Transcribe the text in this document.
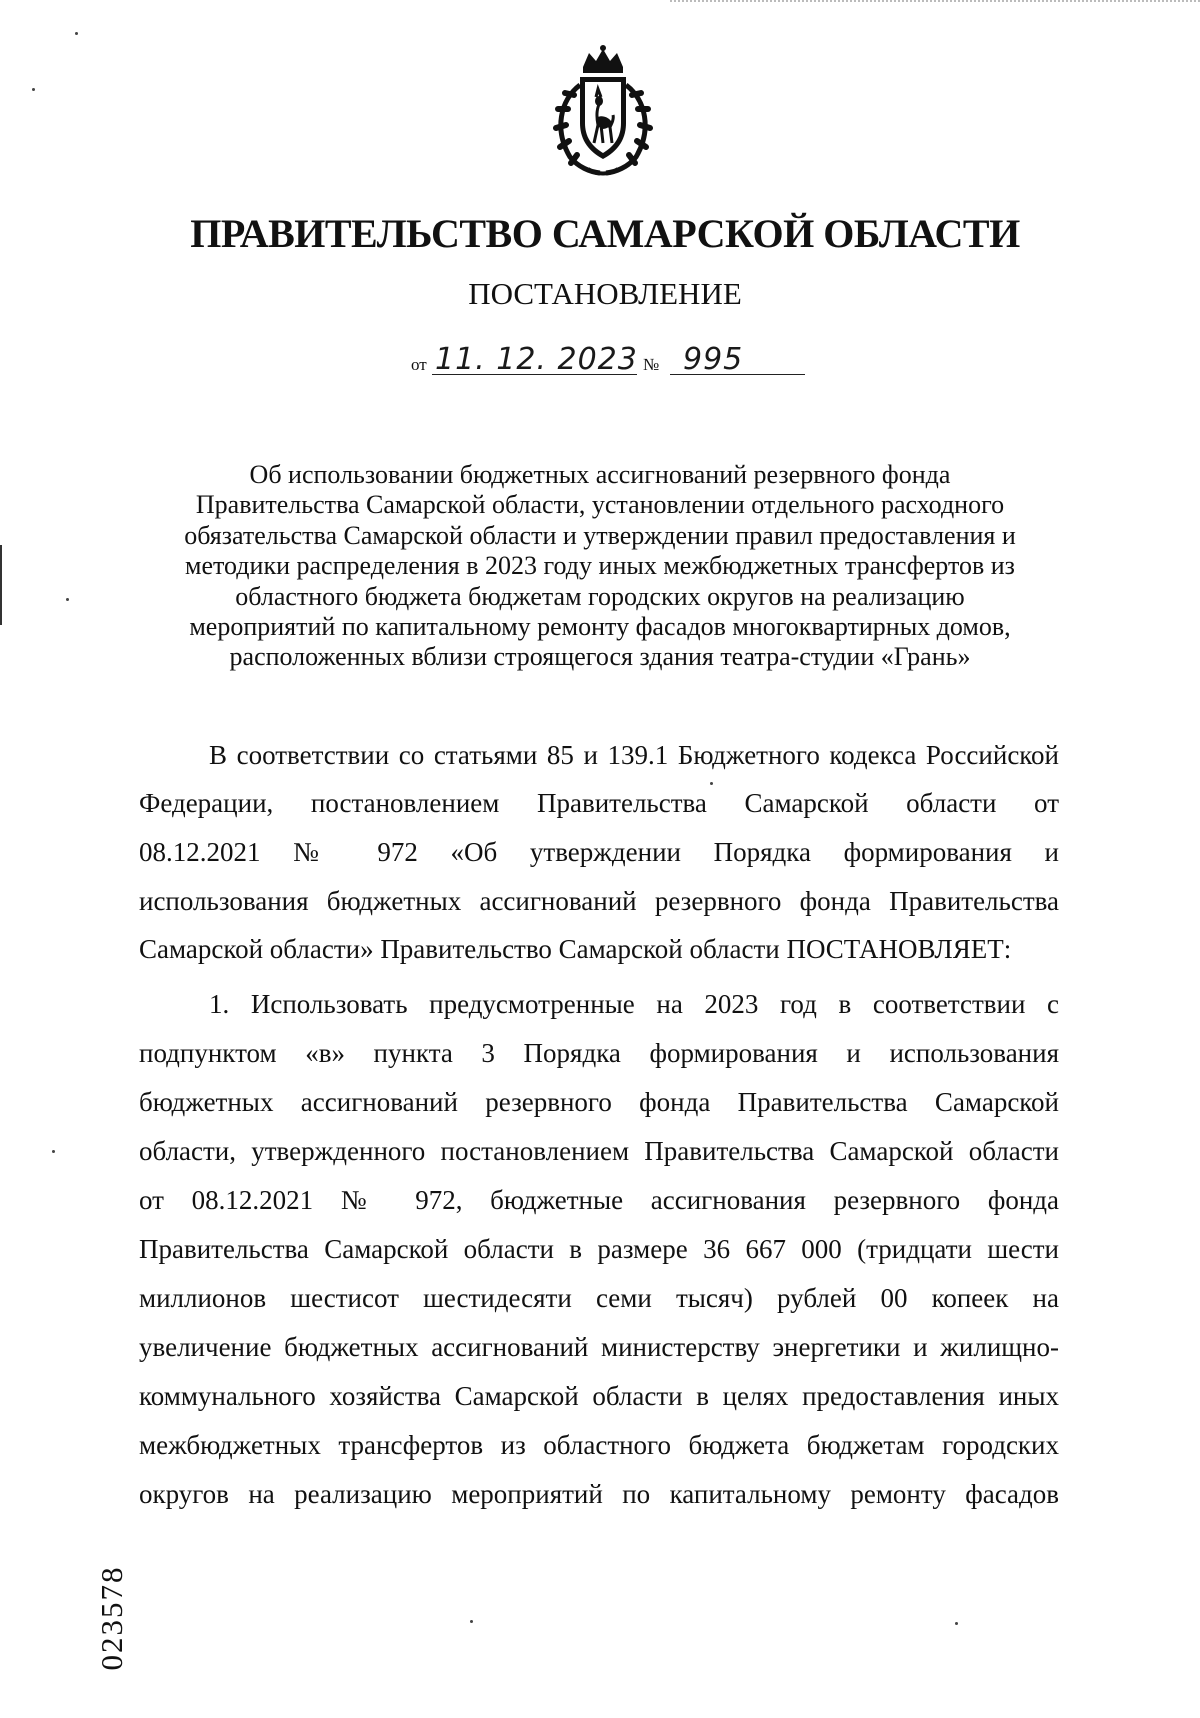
ПРАВИТЕЛЬСТВО САМАРСКОЙ ОБЛАСТИ
ПОСТАНОВЛЕНИЕ
от 11. 12. 2023 № 995
Об использовании бюджетных ассигнований резервного фонда
Правительства Самарской области, установлении отдельного расходного
обязательства Самарской области и утверждении правил предоставления и
методики распределения в 2023 году иных межбюджетных трансфертов из
областного бюджета бюджетам городских округов на реализацию
мероприятий по капитальному ремонту фасадов многоквартирных домов,
расположенных вблизи строящегося здания театра-студии «Грань»
В соответствии со статьями 85 и 139.1 Бюджетного кодекса Российской
Федерации, постановлением Правительства Самарской области от
08.12.2021 № 972 «Об утверждении Порядка формирования и
использования бюджетных ассигнований резервного фонда Правительства
Самарской области» Правительство Самарской области ПОСТАНОВЛЯЕТ:
1. Использовать предусмотренные на 2023 год в соответствии с
подпунктом «в» пункта 3 Порядка формирования и использования
бюджетных ассигнований резервного фонда Правительства Самарской
области, утвержденного постановлением Правительства Самарской области
от 08.12.2021 № 972, бюджетные ассигнования резервного фонда
Правительства Самарской области в размере 36 667 000 (тридцати шести
миллионов шестисот шестидесяти семи тысяч) рублей 00 копеек на
увеличение бюджетных ассигнований министерству энергетики и жилищно-
коммунального хозяйства Самарской области в целях предоставления иных
межбюджетных трансфертов из областного бюджета бюджетам городских
округов на реализацию мероприятий по капитальному ремонту фасадов
023578
